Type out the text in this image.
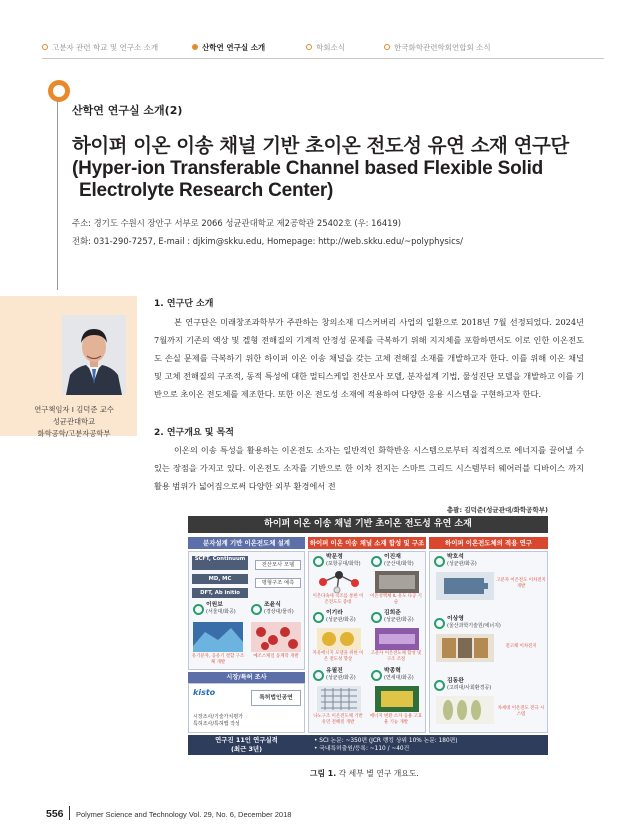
고분자 관련 학교 및 연구소 소개	산학연 연구실 소개	학회소식	한국화학관련학회연합회 소식
산학연 연구실 소개(2)
하이퍼 이온 이송 채널 기반 초이온 전도성 유연 소재 연구단
(Hyper-ion Transferable Channel based Flexible Solid
Electrolyte Research Center)
주소: 경기도 수원시 장안구 서부로 2066 성균관대학교 제2공학관 25402호 (우: 16419)
전화: 031-290-7257, E-mail : djkim@skku.edu, Homepage: http://web.skku.edu/~polyphysics/
연구책임자 I 김덕준 교수
성균관대학교
화학공학/고분자공학부
1. 연구단 소개

본 연구단은 미래창조과학부가 주관하는 창의소재 디스커버리 사업의 일환으로 2018년 7월 선정되었다. 2024년 7월까지 기존의 액상 및 겔형 전해질의 기계적 안정성 문제를 극복하기 위해 지지체를 포함하면서도 이로 인한 이온전도도 손실 문제를 극복하기 위한 하이퍼 이온 이송 채널을 갖는 고체 전해질 소재를 개발하고자 한다. 이를 위해 이온 채널 및 고체 전해질의 구조적, 동적 특성에 대한 멀티스케일 전산모사 모델, 분자설계 기법, 물성진단 모델을 개발하고 이를 기반으로 초이온 전도체를 제조한다. 또한 이온 전도성 소재에 적용하여 다양한 응용 시스템을 구현하고자 한다.

2. 연구개요 및 목적

이온의 이송 특성을 활용하는 이온전도 소자는 일반적인 화학반응 시스템으로부터 직접적으로 에너지를 끌어낼 수 있는 장점을 가지고 있다. 이온전도 소자를 기반으로 한 이차 전지는 스마트 그리드 시스템부터 웨어러블 디바이스 까지 활용 범위가 넓어짐으로써 다양한 외부 환경에서 전

총괄: 김덕준(성균관대/화학공학부)
하이퍼 이온 이송 채널 기반 초이온 전도성 유연 소재
분자설계 기반 이온전도체 설계	하이퍼 이온 이송 채널 소재 합성 및 구조	하이퍼 이온전도체의 적용 연구
SCFT, Continuum
MD, MC
DFT, Ab initio
전산모사 모델
평형구조 예측
이원보
(서울대/화공)
조윤식
(경상대/물리)
유기분자, 공유기 결합 구조체 개발
메조스케일 동계학 개발
시장/특허 조사
kisto
특허법인공연
시장조사/기술가치평가 특허조사/특허맵 작성
박문정
(포항공대/화학)
이진재
(군산대/화학)
이온다속세 직조를 통한 이온전도도 증대
이온성액체 IL 유도 다공 기술
이기라
(성균관/화공)
김희준
(성균관/화공)
자유에너지 모델을 위한 이온 전도성 향상
고분자 이온전도체 합성 및 구조 조절
유필진
(성균관/화공)
박종혁
(연세대/화공)
나노구조 이온전도체 기반 유연 전해질 개발
에너지 변환 소자 응용 고효율 기능 개발
박호석
(성균관/화공)
고분자 이온전도 이차전지 개발
이상영
(울산과학기술원/에너지)
전고체 이차전지
김동완
(고려대/사회환경공)
차세대 이온전도 전극 시스템
연구진 11인 연구실적
(최근 3년)
• SCI 논문: ~350편 (JCR 랭킹 상위 10% 논문: 180편)
• 국내특허출원/등록: ~110 / ~40건
그림 1. 각 세부 별 연구 개요도.
556 Polymer Science and Technology Vol. 29, No. 6, December 2018
